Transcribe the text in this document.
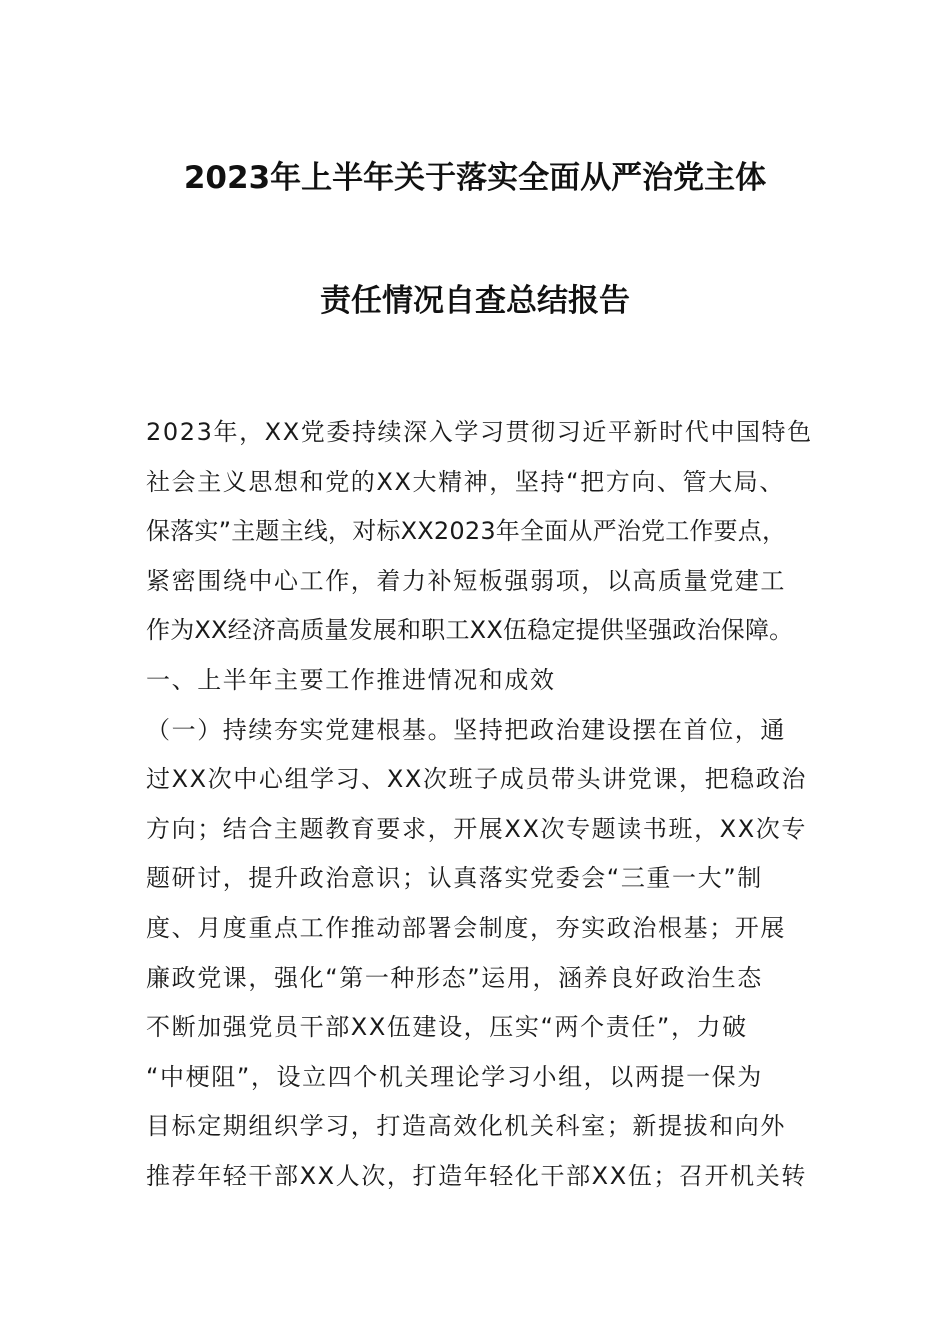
2023年上半年关于落实全面从严治党主体
责任情况自查总结报告
2023年，XX党委持续深入学习贯彻习近平新时代中国特色
社会主义思想和党的XX大精神，坚持“把方向、管大局、
保落实”主题主线，对标XX2023年全面从严治党工作要点，
紧密围绕中心工作，着力补短板强弱项，以高质量党建工
作为XX经济高质量发展和职工XX伍稳定提供坚强政治保障。
一、上半年主要工作推进情况和成效
（一）持续夯实党建根基。坚持把政治建设摆在首位，通
过XX次中心组学习、XX次班子成员带头讲党课，把稳政治
方向；结合主题教育要求，开展XX次专题读书班，XX次专
题研讨，提升政治意识；认真落实党委会“三重一大”制
度、月度重点工作推动部署会制度，夯实政治根基；开展
廉政党课，强化“第一种形态”运用，涵养良好政治生态
不断加强党员干部XX伍建设，压实“两个责任”，力破
“中梗阻”，设立四个机关理论学习小组，以两提一保为
目标定期组织学习，打造高效化机关科室；新提拔和向外
推荐年轻干部XX人次，打造年轻化干部XX伍；召开机关转
